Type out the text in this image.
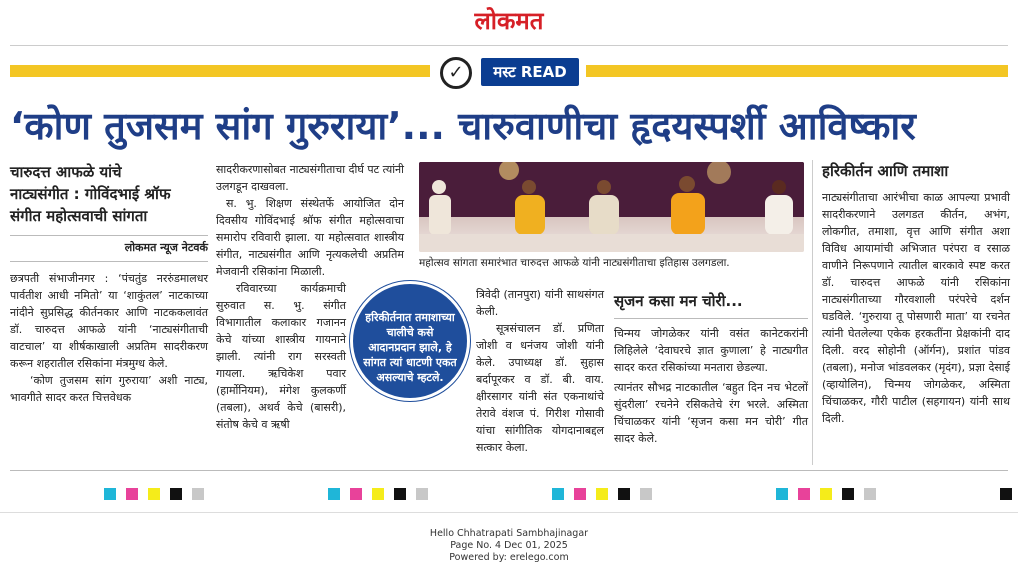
लोकमत
✓	मस्ट READ
‘कोण तुजसम सांग गुरुराया’... चारुवाणीचा हृदयस्पर्शी आविष्कार
चारुदत्त आफळे यांचे
नाट्यसंगीत : गोविंदभाई श्रॉफ
संगीत महोत्सवाची सांगता
लोकमत न्यूज नेटवर्क

छत्रपती संभाजीनगर : ‘पंचतुंड नररुंडमालधर पार्वतीश आधी नमितो’ या ‘शाकुंतल’ नाटकाच्या नांदीने सुप्रसिद्ध कीर्तनकार आणि नाटककलावंत डॉ. चारुदत्त आफळे यांनी ‘नाट्यसंगीताची वाटचाल’ या शीर्षकाखाली अप्रतिम सादरीकरण करून शहरातील रसिकांना मंत्रमुग्ध केले.

‘कोण तुजसम सांग गुरुराया’ अशी नाट्य, भावगीते सादर करत चित्तवेधक

सादरीकरणासोबत नाट्यसंगीताचा दीर्घ पट त्यांनी उलगडून दाखवला.

स. भु. शिक्षण संस्थेतर्फे आयोजित दोन दिवसीय गोविंदभाई श्रॉफ संगीत महोत्सवाचा समारोप रविवारी झाला. या महोत्सवात शास्त्रीय संगीत, नाट्यसंगीत आणि नृत्यकलेची अप्रतिम मेजवानी रसिकांना मिळाली.

रविवारच्या कार्यक्रमाची सुरुवात स. भु. संगीत विभागातील कलाकार गजानन केचे यांच्या शास्त्रीय गायनाने झाली. त्यांनी राग सरस्वती गायला. ऋचिकेश पवार (हार्मोनियम), मंगेश कुलकर्णी (तबला), अथर्व केचे (बासरी), संतोष केचे व ऋषी

हरिकीर्तनात तमाशाच्या चालीचे कसे आदानप्रदान झाले, हे सांगत त्यां धाटणी एकत असल्याचे म्हटले.

त्रिवेदी (तानपुरा) यांनी साथसंगत केली.

सूत्रसंचालन डॉ. प्रणिता जोशी व धनंजय जोशी यांनी केले. उपाध्यक्ष डॉ. सुहास बर्दापूरकर व डॉ. बी. वाय. क्षीरसागर यांनी संत एकनाथांचे तेरावे वंशज पं. गिरीश गोसावी यांचा सांगीतिक योगदानाबद्दल सत्कार केला.

महोत्सव सांगता समारंभात चारुदत्त आफळे यांनी नाट्यसंगीताचा इतिहास उलगडला.
सृजन कसा मन चोरी...

चिन्मय जोगळेकर यांनी वसंत कानेटकरांनी लिहिलेले ‘देवाघरचे ज्ञात कुणाला’ हे नाट्यगीत सादर करत रसिकांच्या मनतारा छेडल्या.

त्यानंतर सौभद्र नाटकातील ‘बहुत दिन नच भेटलों सुंदरीला’ रचनेने रसिकतेचे रंग भरले. अस्मिता चिंचाळकर यांनी ‘सृजन कसा मन चोरी’ गीत सादर केले.

हरिकीर्तन आणि तमाशा

नाट्यसंगीताचा आरंभीचा काळ आपल्या प्रभावी सादरीकरणाने उलगडत कीर्तन, अभंग, लोकगीत, तमाशा, वृत्त आणि संगीत अशा विविध आयामांची अभिजात परंपरा व रसाळ वाणीने निरूपणाने त्यातील बारकावे स्पष्ट करत डॉ. चारुदत्त आफळे यांनी रसिकांना नाट्यसंगीताच्या गौरवशाली परंपरेचे दर्शन घडविले. ‘गुरुराया तू पोसणारी माता’ या रचनेत त्यांनी घेतलेल्या एकेक हरकतींना प्रेक्षकांनी दाद दिली. वरद सोहोनी (ऑर्गन), प्रशांत पांडव (तबला), मनोज भांडवलकर (मृदंग), प्रज्ञा देसाई (व्हायोलिन), चिन्मय जोगळेकर, अस्मिता चिंचाळकर, गौरी पाटील (सहगायन) यांनी साथ दिली.

Hello Chhatrapati Sambhajinagar
Page No. 4 Dec 01, 2025
Powered by: erelego.com
